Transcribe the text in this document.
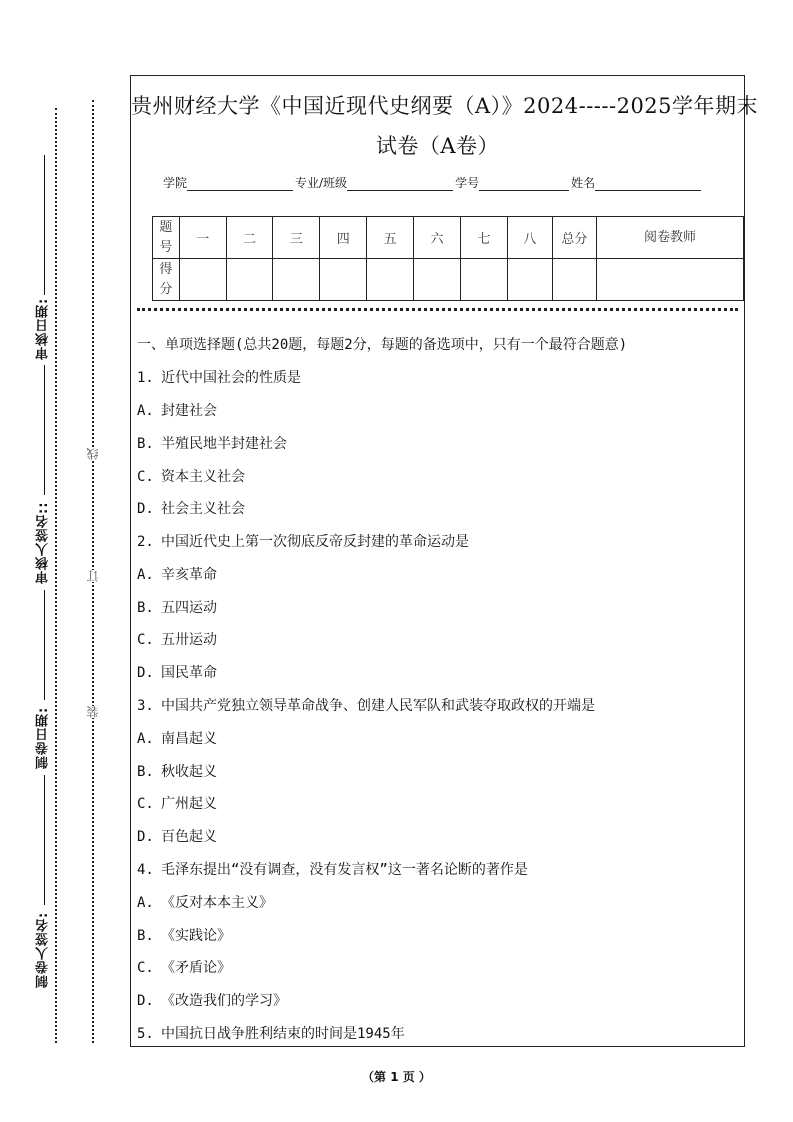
审核日期:
审核人签名::
制卷日期:
制卷人签名:
线
订
装
贵州财经大学《中国近现代史纲要（A）》2024-----2025学年期末
试卷（A卷）
学院	专业/班级	学号	姓名
题号	一	二	三	四	五	六	七	八	总分	阅卷教师
得分										
一、单项选择题(总共20题，每题2分，每题的备选项中，只有一个最符合题意)
1. 近代中国社会的性质是
A. 封建社会
B. 半殖民地半封建社会
C. 资本主义社会
D. 社会主义社会
2. 中国近代史上第一次彻底反帝反封建的革命运动是
A. 辛亥革命
B. 五四运动
C. 五卅运动
D. 国民革命
3. 中国共产党独立领导革命战争、创建人民军队和武装夺取政权的开端是
A. 南昌起义
B. 秋收起义
C. 广州起义
D. 百色起义
4. 毛泽东提出“没有调查，没有发言权”这一著名论断的著作是
A. 《反对本本主义》
B. 《实践论》
C. 《矛盾论》
D. 《改造我们的学习》
5. 中国抗日战争胜利结束的时间是1945年
（第 1 页 ）
